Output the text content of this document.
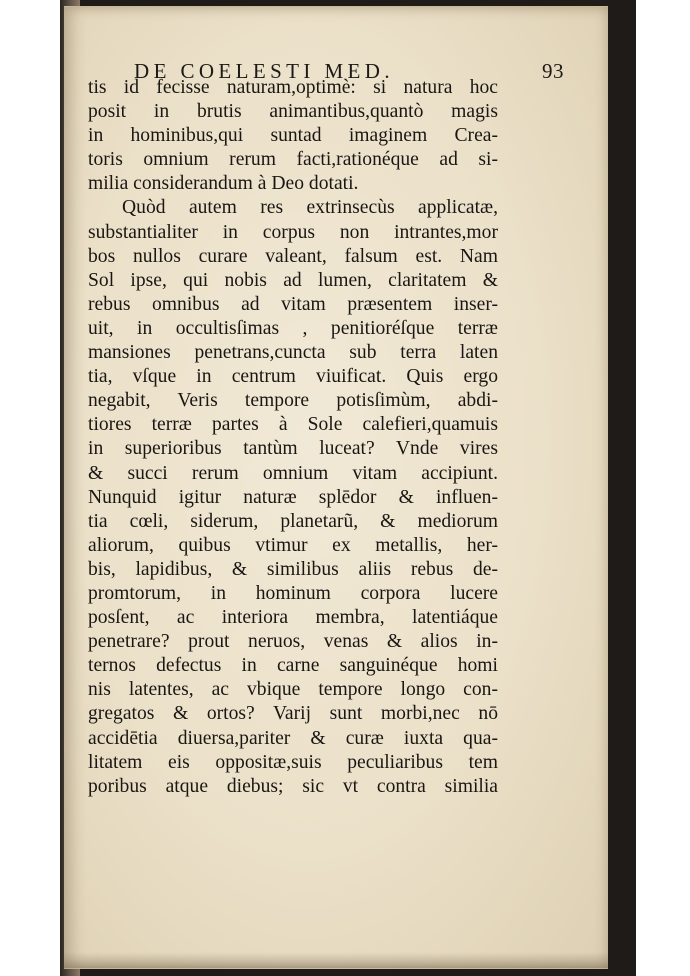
DE COELESTI MED.	93
tis id fecisse naturam,optimè: si natura hoc
posit in brutis animantibus,quantò magis
in hominibus,qui suntad imaginem Crea-
toris omnium rerum facti,rationéque ad si-
milia considerandum à Deo dotati.
Quòd autem res extrinsecùs applicatæ,
substantialiter in corpus non intrantes,mor
bos nullos curare valeant, falsum est. Nam
Sol ipse, qui nobis ad lumen, claritatem &
rebus omnibus ad vitam præsentem inser-
uit, in occultisſimas , penitioréſque terræ
mansiones penetrans,cuncta sub terra laten
tia, vſque in centrum viuificat. Quis ergo
negabit, Veris tempore potisſimùm, abdi-
tiores terræ partes à Sole calefieri,quamuis
in superioribus tantùm luceat? Vnde vires
& succi rerum omnium vitam accipiunt.
Nunquid igitur naturæ splēdor & influen-
tia cœli, siderum, planetarũ, & mediorum
aliorum, quibus vtimur ex metallis, her-
bis, lapidibus, & similibus aliis rebus de-
promtorum, in hominum corpora lucere
posſent, ac interiora membra, latentiáque
penetrare? prout neruos, venas & alios in-
ternos defectus in carne sanguinéque homi
nis latentes, ac vbique tempore longo con-
gregatos & ortos? Varij sunt morbi,nec nō
accidētia diuersa,pariter & curæ iuxta qua-
litatem eis oppositæ,suis peculiaribus tem
poribus atque diebus; sic vt contra similia
